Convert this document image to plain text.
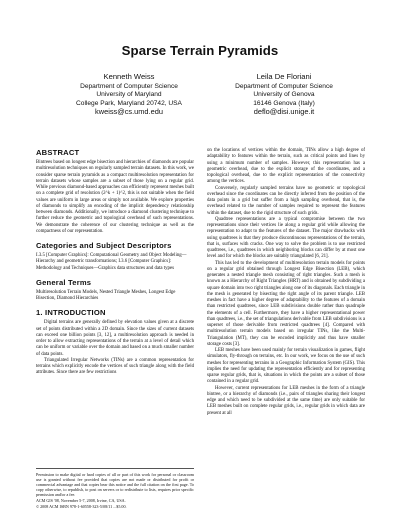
Sparse Terrain Pyramids
Kenneth Weiss
Department of Computer Science
University of Maryland
College Park, Maryland 20742, USA
kweiss@cs.umd.edu
Leila De Floriani
Department of Computer Science
University of Genova
16146 Genova (Italy)
deflo@disi.unige.it
ABSTRACT

Bintrees based on longest edge bisection and hierarchies of diamonds are popular multiresolution techniques on regularly sampled terrain datasets. In this work, we consider sparse terrain pyramids as a compact multiresolution representation for terrain datasets whose samples are a subset of those lying on a regular grid. While previous diamond-based approaches can efficiently represent meshes built on a complete grid of resolution (2^k + 1)^2, this is not suitable when the field values are uniform in large areas or simply not available. We explore properties of diamonds to simplify an encoding of the implicit dependency relationship between diamonds. Additionally, we introduce a diamond clustering technique to further reduce the geometric and topological overhead of such representations. We demonstrate the coherence of our clustering technique as well as the compactness of our representation.

Categories and Subject Descriptors

I.3.5 [Computer Graphics]: Computational Geometry and Object Modeling—Hierarchy and geometric transformations; I.3.6 [Computer Graphics]: Methodology and Techniques—Graphics data structures and data types

General Terms

Multiresolution Terrain Models, Nested Triangle Meshes, Longest Edge Bisection, Diamond Hierarchies

1. INTRODUCTION

Digital terrains are generally defined by elevation values given at a discrete set of points distributed within a 2D domain. Since the sizes of current datasets can exceed one billion points [3, 12], a multiresolution approach is needed in order to allow extracting representations of the terrain at a level of detail which can be uniform or variable over the domain and based on a much smaller number of data points.

Triangulated Irregular Networks (TINs) are a common representation for terrains which explicitly encode the vertices of such triangle along with the field attributes. Since there are few restrictions

Permission to make digital or hard copies of all or part of this work for personal or classroom use is granted without fee provided that copies are not made or distributed for profit or commercial advantage and that copies bear this notice and the full citation on the first page. To copy otherwise, to republish, to post on servers or to redistribute to lists, requires prior specific permission and/or a fee.

ACM GIS '08, November 5-7, 2008, Irvine, CA, USA.

© 2008 ACM ISBN 978-1-60558-323-5/08/11 ...$5.00.

on the locations of vertices within the domain, TINs allow a high degree of adaptability to features within the terrain, such as critical points and lines by using a minimum number of samples. However, this representation has a geometric overhead, due to the explicit storage of the coordinates, and a topological overhead, due to the explicit representation of the connectivity among the vertices.

Conversely, regularly sampled terrains have no geometric or topological overhead since the coordinates can be directly inferred from the position of the data points in a grid but suffer from a high sampling overhead, that is, the overhead related to the number of samples required to represent the features within the dataset, due to the rigid structure of such grids.

Quadtree representations are a typical compromise between the two representations since their vertices lie along a regular grid while allowing the representation to adapt to the features of the dataset. The major drawbacks with using quadtrees is that they produce discontinuous representations of the terrain, that is, surfaces with cracks. One way to solve the problem is to use restricted quadtrees, i.e., quadtrees in which neighboring blocks can differ by at most one level and for which the blocks are suitably triangulated [6, 21].

This has led to the development of multiresolution terrain models for points on a regular grid obtained through Longest Edge Bisection (LEB), which generates a nested triangle mesh consisting of right triangles. Such a mesh is known as a Hierarchy of Right Triangles (HRT) and is obtained by subdividing a square domain into two right triangles along one of its diagonals. Each triangle in the mesh is generated by bisecting the right angle of its parent triangle. LEB meshes in fact have a higher degree of adaptability to the features of a domain than restricted quadtrees, since LEB subdivisions double rather than quadruple the elements of a cell. Furthermore, they have a higher representational power than quadtrees, i.e., the set of triangulations derivable from LEB subdivisions is a superset of those derivable from restricted quadtrees [4]. Compared with multiresolution terrain models based on irregular TINs, like the Multi-Triangulation (MT), they can be encoded implicitly and thus have smaller storage costs [3].

LEB meshes have been used mainly for terrain visualization in games, flight simulators, fly-through on terrains, etc. In our work, we focus on the use of such meshes for representing terrains in a Geographic Information System (GIS). This implies the need for updating the representation efficiently and for representing sparse regular grids, that is, situations in which the points are a subset of those contained in a regular grid.

However, current representations for LEB meshes in the form of a triangle bintree, or a hierarchy of diamonds (i.e., pairs of triangles sharing their longest edge and which need to be subdivided at the same time) are only suitable for LEB meshes built on complete regular grids, i.e., regular grids in which data are present at all
